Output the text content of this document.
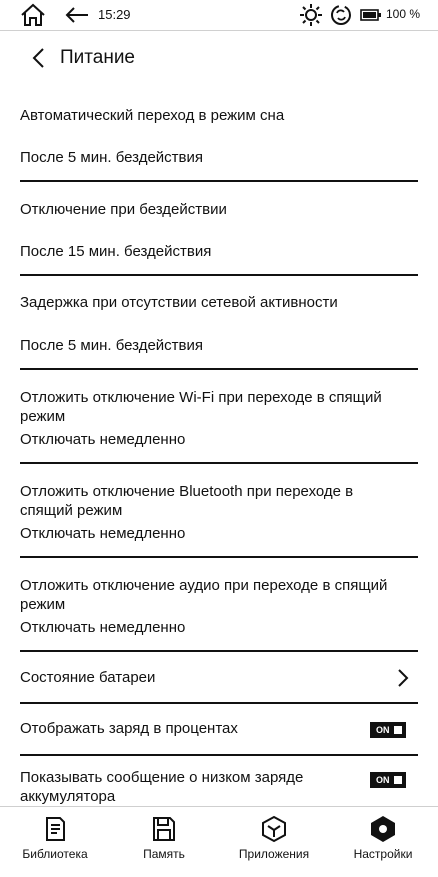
15:29	100 %
Питание
Автоматический переход в режим сна
После 5 мин. бездействия
Отключение при бездействии
После 15 мин. бездействия
Задержка при отсутствии сетевой активности
После 5 мин. бездействия
Отложить отключение Wi-Fi при переходе в спящий режим
Отключать немедленно
Отложить отключение Bluetooth при переходе в спящий режим
Отключать немедленно
Отложить отключение аудио при переходе в спящий режим
Отключать немедленно
Состояние батареи
Отображать заряд в процентах	ON
Показывать сообщение о низком заряде аккумулятора
ON
Библиотека	Память	Приложения	Настройки
